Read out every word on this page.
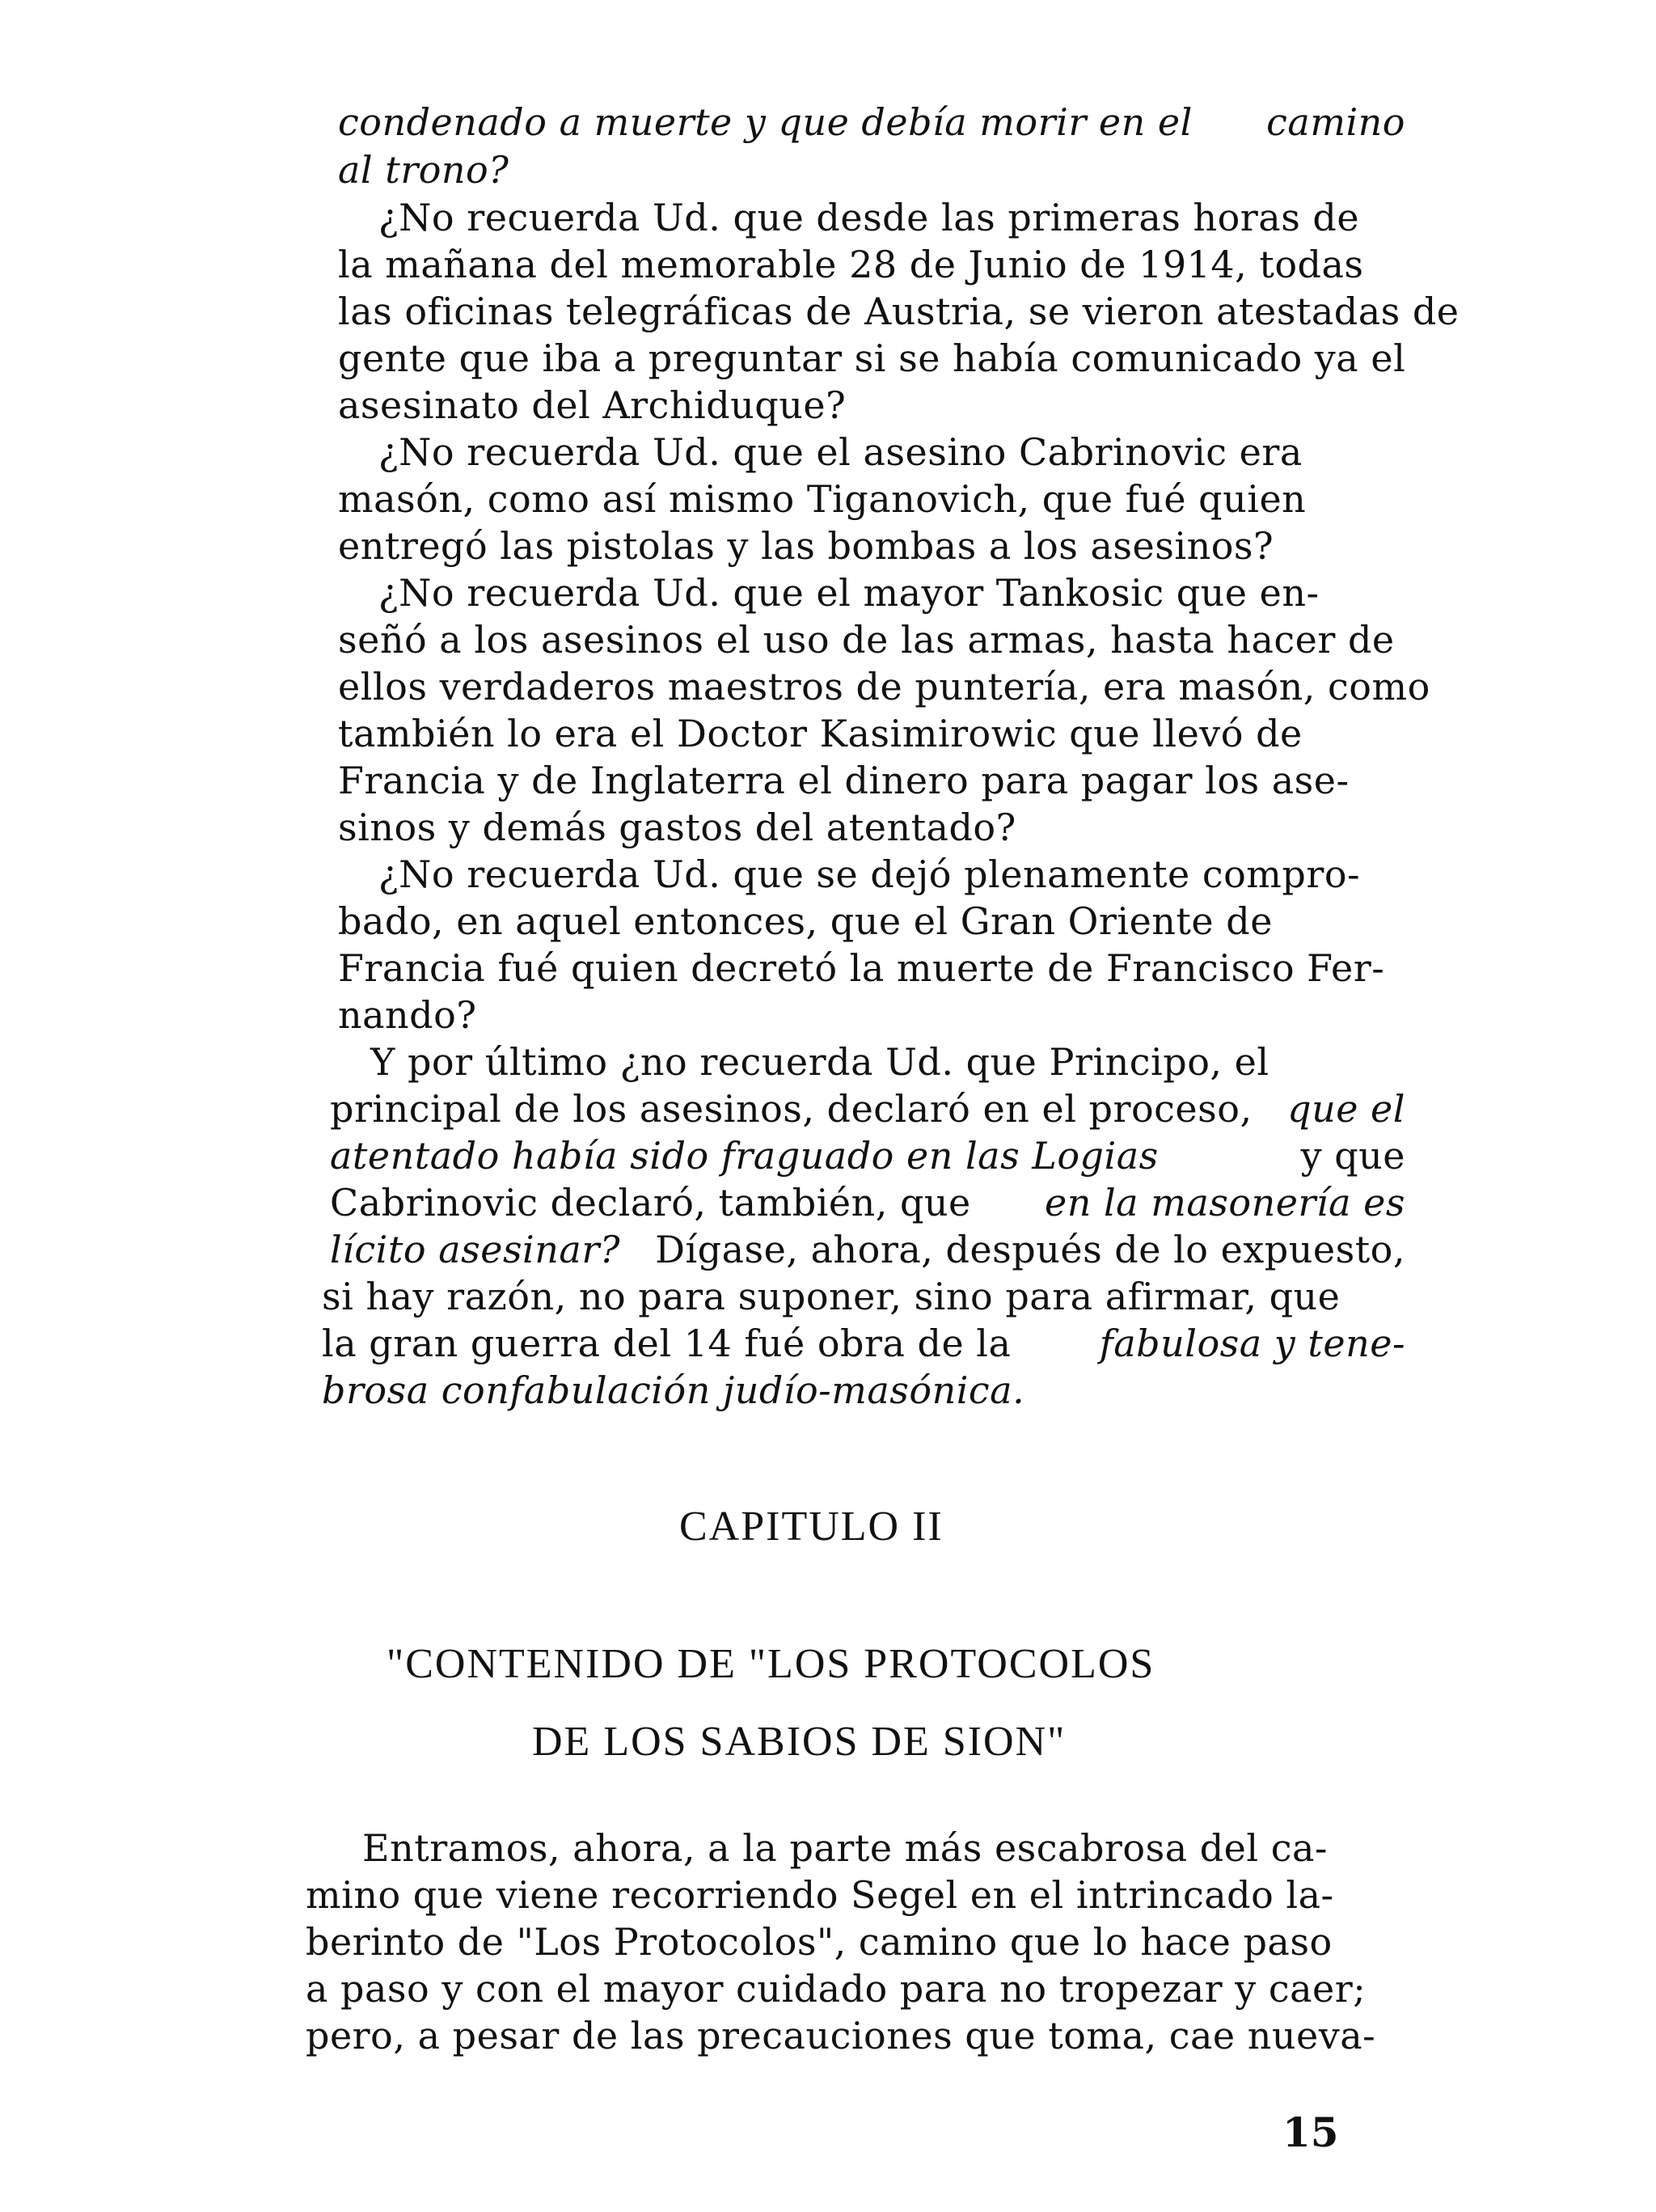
condenado a muerte y que debía morir en el camino
al trono?
¿No recuerda Ud. que desde las primeras horas de
la mañana del memorable 28 de Junio de 1914, todas
las oficinas telegráficas de Austria, se vieron atestadas de
gente que iba a preguntar si se había comunicado ya el
asesinato del Archiduque?
¿No recuerda Ud. que el asesino Cabrinovic era
masón, como así mismo Tiganovich, que fué quien
entregó las pistolas y las bombas a los asesinos?
¿No recuerda Ud. que el mayor Tankosic que en-
señó a los asesinos el uso de las armas, hasta hacer de
ellos verdaderos maestros de puntería, era masón, como
también lo era el Doctor Kasimirowic que llevó de
Francia y de Inglaterra el dinero para pagar los ase-
sinos y demás gastos del atentado?
¿No recuerda Ud. que se dejó plenamente compro-
bado, en aquel entonces, que el Gran Oriente de
Francia fué quien decretó la muerte de Francisco Fer-
nando?
Y por último ¿no recuerda Ud. que Principo, el
principal de los asesinos, declaró en el proceso, que el
atentado había sido fraguado en las Logias	y que
Cabrinovic declaró, también, que en la masonería es
lícito asesinar? Dígase, ahora, después de lo expuesto,
si hay razón, no para suponer, sino para afirmar, que
la gran guerra del 14 fué obra de la fabulosa y tene-
brosa confabulación judío-masónica.
CAPITULO II
"CONTENIDO DE "LOS PROTOCOLOS
DE LOS SABIOS DE SION"
Entramos, ahora, a la parte más escabrosa del ca-
mino que viene recorriendo Segel en el intrincado la-
berinto de "Los Protocolos", camino que lo hace paso
a paso y con el mayor cuidado para no tropezar y caer;
pero, a pesar de las precauciones que toma, cae nueva-
15
